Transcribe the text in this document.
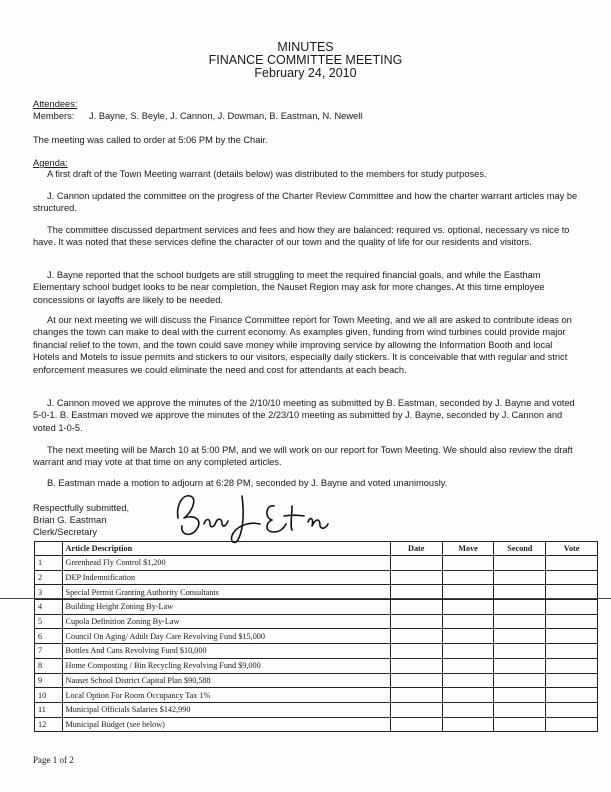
MINUTES
FINANCE COMMITTEE MEETING
February 24, 2010
Attendees:
Members: J. Bayne, S. Beyle, J. Cannon, J. Dowman, B. Eastman, N. Newell
The meeting was called to order at 5:06 PM by the Chair.
Agenda:
A first draft of the Town Meeting warrant (details below) was distributed to the members for study purposes.
J. Cannon updated the committee on the progress of the Charter Review Committee and how the charter warrant articles may be structured.
The committee discussed department services and fees and how they are balanced: required vs. optional, necessary vs nice to have. It was noted that these services define the character of our town and the quality of life for our residents and visitors.
J. Bayne reported that the school budgets are still struggling to meet the required financial goals, and while the Eastham Elementary school budget looks to be near completion, the Nauset Region may ask for more changes. At this time employee concessions or layoffs are likely to be needed.
At our next meeting we will discuss the Finance Committee report for Town Meeting, and we all are asked to contribute ideas on changes the town can make to deal with the current economy. As examples given, funding from wind turbines could provide major financial relief to the town, and the town could save money while improving service by allowing the Information Booth and local Hotels and Motels to issue permits and stickers to our visitors, especially daily stickers. It is conceivable that with regular and strict enforcement measures we could eliminate the need and cost for attendants at each beach.
J. Cannon moved we approve the minutes of the 2/10/10 meeting as submitted by B. Eastman, seconded by J. Bayne and voted 5-0-1. B. Eastman moved we approve the minutes of the 2/23/10 meeting as submitted by J. Bayne, seconded by J. Cannon and voted 1-0-5.
The next meeting will be March 10 at 5:00 PM, and we will work on our report for Town Meeting. We should also review the draft warrant and may vote at that time on any completed articles.
B. Eastman made a motion to adjourn at 6:28 PM, seconded by J. Bayne and voted unanimously.
Respectfully submitted,
Brian G. Eastman
Clerk/Secretary
	Article Description	Date	Move	Second	Vote
1	Greenhead Fly Control $1,200				
2	DEP Indemnification				
3	Special Permit Granting Authority Consultants				
4	Building Height Zoning By-Law				
5	Cupola Definition Zoning By-Law				
6	Council On Aging/ Adult Day Care Revolving Fund $15,000				
7	Bottles And Cans Revolving Fund $10,000				
8	Home Composting / Bin Recycling Revolving Fund $9,000				
9	Nauset School District Capital Plan $90,588				
10	Local Option For Room Occupancy Tax 1%				
11	Municipal Officials Salaries $142,990				
12	Municipal Budget (see below)				
Page 1 of 2
